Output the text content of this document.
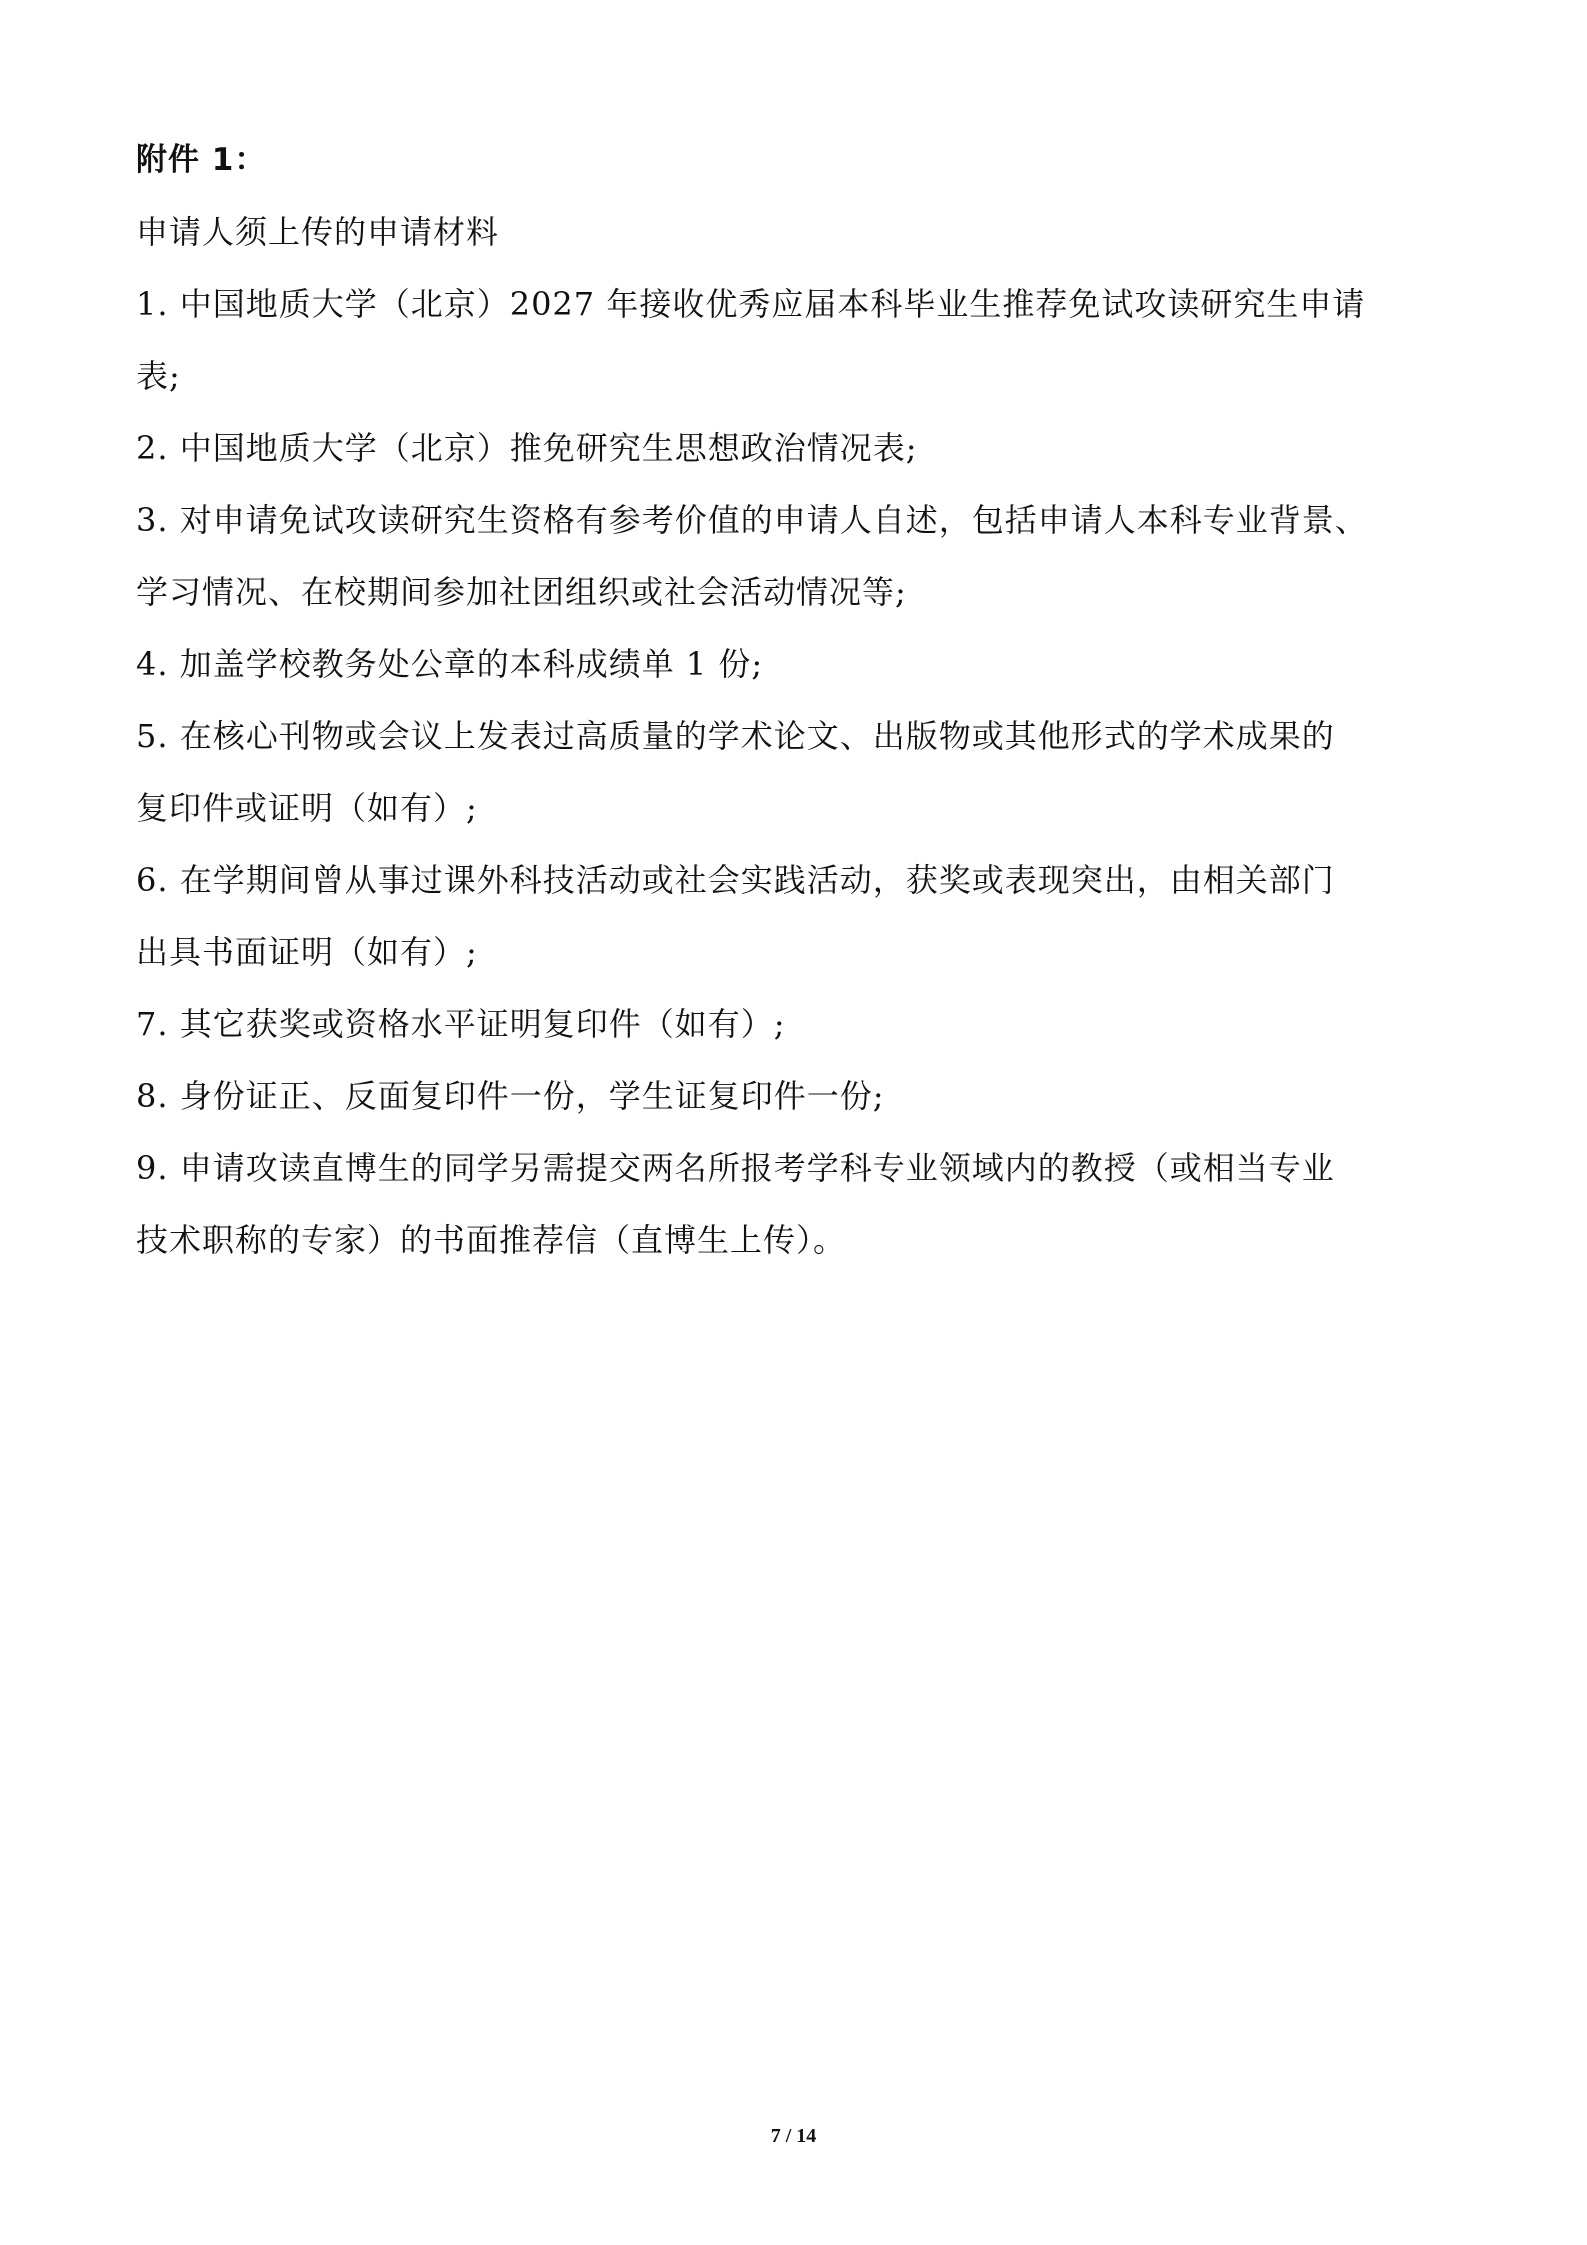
附件 1：
申请人须上传的申请材料
1. 中国地质大学（北京）2027 年接收优秀应届本科毕业生推荐免试攻读研究生申请
表;
2. 中国地质大学（北京）推免研究生思想政治情况表;
3. 对申请免试攻读研究生资格有参考价值的申请人自述，包括申请人本科专业背景、
学习情况、在校期间参加社团组织或社会活动情况等;
4. 加盖学校教务处公章的本科成绩单 1 份;
5. 在核心刊物或会议上发表过高质量的学术论文、出版物或其他形式的学术成果的
复印件或证明（如有）;
6. 在学期间曾从事过课外科技活动或社会实践活动，获奖或表现突出，由相关部门
出具书面证明（如有）;
7. 其它获奖或资格水平证明复印件（如有）;
8. 身份证正、反面复印件一份，学生证复印件一份;
9. 申请攻读直博生的同学另需提交两名所报考学科专业领域内的教授（或相当专业
技术职称的专家）的书面推荐信（直博生上传）。
7 / 14
